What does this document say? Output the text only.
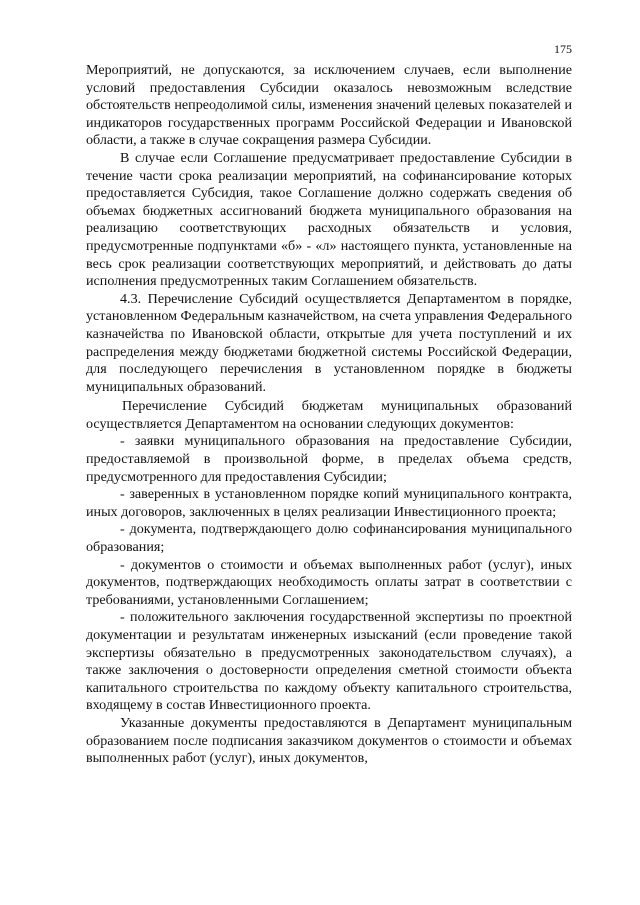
175

Мероприятий, не допускаются, за исключением случаев, если выполнение условий предоставления Субсидии оказалось невозможным вследствие обстоятельств непреодолимой силы, изменения значений целевых показателей и индикаторов государственных программ Российской Федерации и Ивановской области, а также в случае сокращения размера Субсидии.

В случае если Соглашение предусматривает предоставление Субсидии в течение части срока реализации мероприятий, на софинансирование которых предоставляется Субсидия, такое Соглашение должно содержать сведения об объемах бюджетных ассигнований бюджета муниципального образования на реализацию соответствующих расходных обязательств и условия, предусмотренные подпунктами «б» - «л» настоящего пункта, установленные на весь срок реализации соответствующих мероприятий, и действовать до даты исполнения предусмотренных таким Соглашением обязательств.

4.3. Перечисление Субсидий осуществляется Департаментом в порядке, установленном Федеральным казначейством, на счета управления Федерального казначейства по Ивановской области, открытые для учета поступлений и их распределения между бюджетами бюджетной системы Российской Федерации, для последующего перечисления в установленном порядке в бюджеты муниципальных образований.

Перечисление Субсидий бюджетам муниципальных образований осуществляется Департаментом на основании следующих документов:

- заявки муниципального образования на предоставление Субсидии, предоставляемой в произвольной форме, в пределах объема средств, предусмотренного для предоставления Субсидии;

- заверенных в установленном порядке копий муниципального контракта, иных договоров, заключенных в целях реализации Инвестиционного проекта;

- документа, подтверждающего долю софинансирования муниципального образования;

- документов о стоимости и объемах выполненных работ (услуг), иных документов, подтверждающих необходимость оплаты затрат в соответствии с требованиями, установленными Соглашением;

- положительного заключения государственной экспертизы по проектной документации и результатам инженерных изысканий (если проведение такой экспертизы обязательно в предусмотренных законодательством случаях), а также заключения о достоверности определения сметной стоимости объекта капитального строительства по каждому объекту капитального строительства, входящему в состав Инвестиционного проекта.

Указанные документы предоставляются в Департамент муниципальным образованием после подписания заказчиком документов о стоимости и объемах выполненных работ (услуг), иных документов,
